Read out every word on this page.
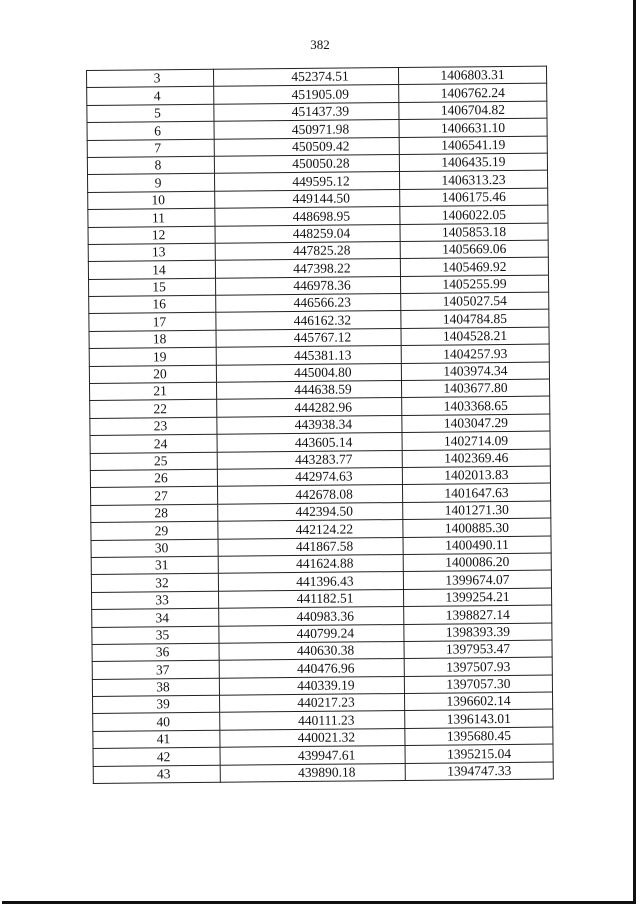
382
3	452374.51	1406803.31
4	451905.09	1406762.24
5	451437.39	1406704.82
6	450971.98	1406631.10
7	450509.42	1406541.19
8	450050.28	1406435.19
9	449595.12	1406313.23
10	449144.50	1406175.46
11	448698.95	1406022.05
12	448259.04	1405853.18
13	447825.28	1405669.06
14	447398.22	1405469.92
15	446978.36	1405255.99
16	446566.23	1405027.54
17	446162.32	1404784.85
18	445767.12	1404528.21
19	445381.13	1404257.93
20	445004.80	1403974.34
21	444638.59	1403677.80
22	444282.96	1403368.65
23	443938.34	1403047.29
24	443605.14	1402714.09
25	443283.77	1402369.46
26	442974.63	1402013.83
27	442678.08	1401647.63
28	442394.50	1401271.30
29	442124.22	1400885.30
30	441867.58	1400490.11
31	441624.88	1400086.20
32	441396.43	1399674.07
33	441182.51	1399254.21
34	440983.36	1398827.14
35	440799.24	1398393.39
36	440630.38	1397953.47
37	440476.96	1397507.93
38	440339.19	1397057.30
39	440217.23	1396602.14
40	440111.23	1396143.01
41	440021.32	1395680.45
42	439947.61	1395215.04
43	439890.18	1394747.33
